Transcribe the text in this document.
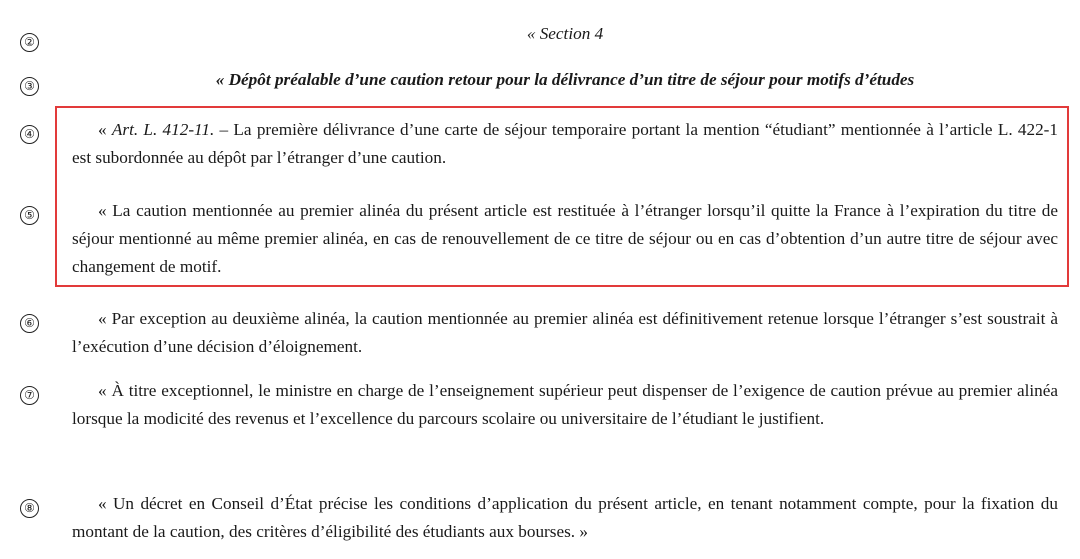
②	« Section 4

③	« Dépôt préalable d’une caution retour pour la délivrance d’un titre de séjour pour motifs d’études

④	« Art. L. 412-11. – La première délivrance d’une carte de séjour temporaire portant la mention “étudiant” mentionnée à l’article L. 422-1 est subordonnée au dépôt par l’étranger d’une caution.

⑤	« La caution mentionnée au premier alinéa du présent article est restituée à l’étranger lorsqu’il quitte la France à l’expiration du titre de séjour mentionné au même premier alinéa, en cas de renouvellement de ce titre de séjour ou en cas d’obtention d’un autre titre de séjour avec changement de motif.

⑥	« Par exception au deuxième alinéa, la caution mentionnée au premier alinéa est définitivement retenue lorsque l’étranger s’est soustrait à l’exécution d’une décision d’éloignement.

⑦	« À titre exceptionnel, le ministre en charge de l’enseignement supérieur peut dispenser de l’exigence de caution prévue au premier alinéa lorsque la modicité des revenus et l’excellence du parcours scolaire ou universitaire de l’étudiant le justifient.

⑧	« Un décret en Conseil d’État précise les conditions d’application du présent article, en tenant notamment compte, pour la fixation du montant de la caution, des critères d’éligibilité des étudiants aux bourses. »
